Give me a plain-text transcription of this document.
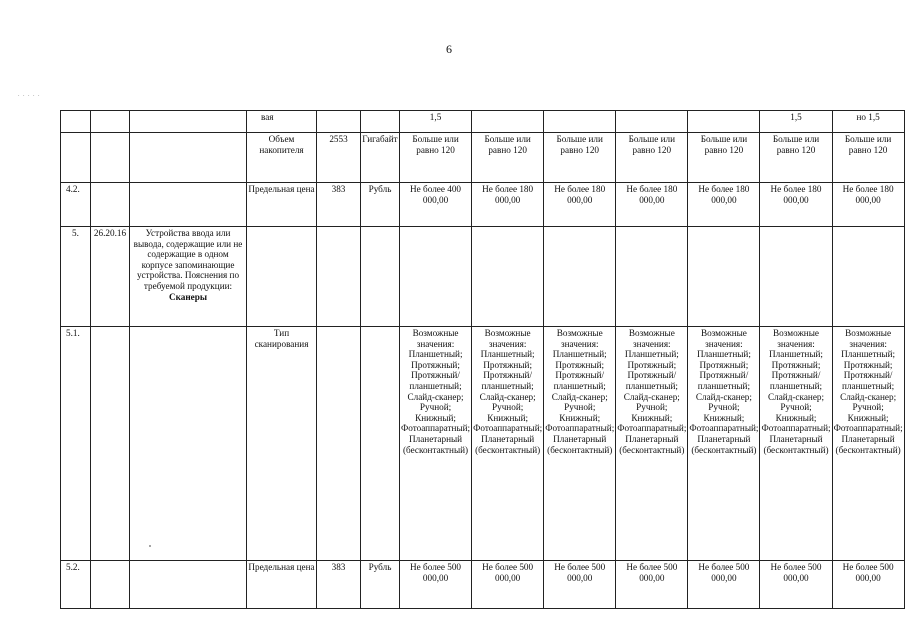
6
. . . . .
			вая			1,5					1,5	но 1,5
			Объем накопителя	2553	Гигабайт	Больше или равно 120	Больше или равно 120	Больше или равно 120	Больше или равно 120	Больше или равно 120	Больше или равно 120	Больше или равно 120
4.2.			Предельная цена	383	Рубль	Не более 400 000,00	Не более 180 000,00	Не более 180 000,00	Не более 180 000,00	Не более 180 000,00	Не более 180 000,00	Не более 180 000,00
5.	26.20.16	Устройства ввода или вывода, содержащие или не содержащие в одном корпусе запоминающие устройства. Пояснения по требуемой продукции:
Сканеры										

5.1.			Тип сканирования			Возможные значения: Планшетный; Протяжный; Протяжный/планшетный; Слайд-сканер; Ручной; Книжный; Фотоаппаратный; Планетарный (бесконтактный)	Возможные значения: Планшетный; Протяжный; Протяжный/планшетный; Слайд-сканер; Ручной; Книжный; Фотоаппаратный; Планетарный (бесконтактный)	Возможные значения: Планшетный; Протяжный; Протяжный/планшетный; Слайд-сканер; Ручной; Книжный; Фотоаппаратный; Планетарный (бесконтактный)	Возможные значения: Планшетный; Протяжный; Протяжный/планшетный; Слайд-сканер; Ручной; Книжный; Фотоаппаратный; Планетарный (бесконтактный)	Возможные значения: Планшетный; Протяжный; Протяжный/планшетный; Слайд-сканер; Ручной; Книжный; Фотоаппаратный; Планетарный (бесконтактный)	Возможные значения: Планшетный; Протяжный; Протяжный/планшетный; Слайд-сканер; Ручной; Книжный; Фотоаппаратный; Планетарный (бесконтактный)	Возможные значения: Планшетный; Протяжный; Протяжный/планшетный; Слайд-сканер; Ручной; Книжный; Фотоаппаратный; Планетарный (бесконтактный)
5.2.			Предельная цена	383	Рубль	Не более 500 000,00	Не более 500 000,00	Не более 500 000,00	Не более 500 000,00	Не более 500 000,00	Не более 500 000,00	Не более 500 000,00
